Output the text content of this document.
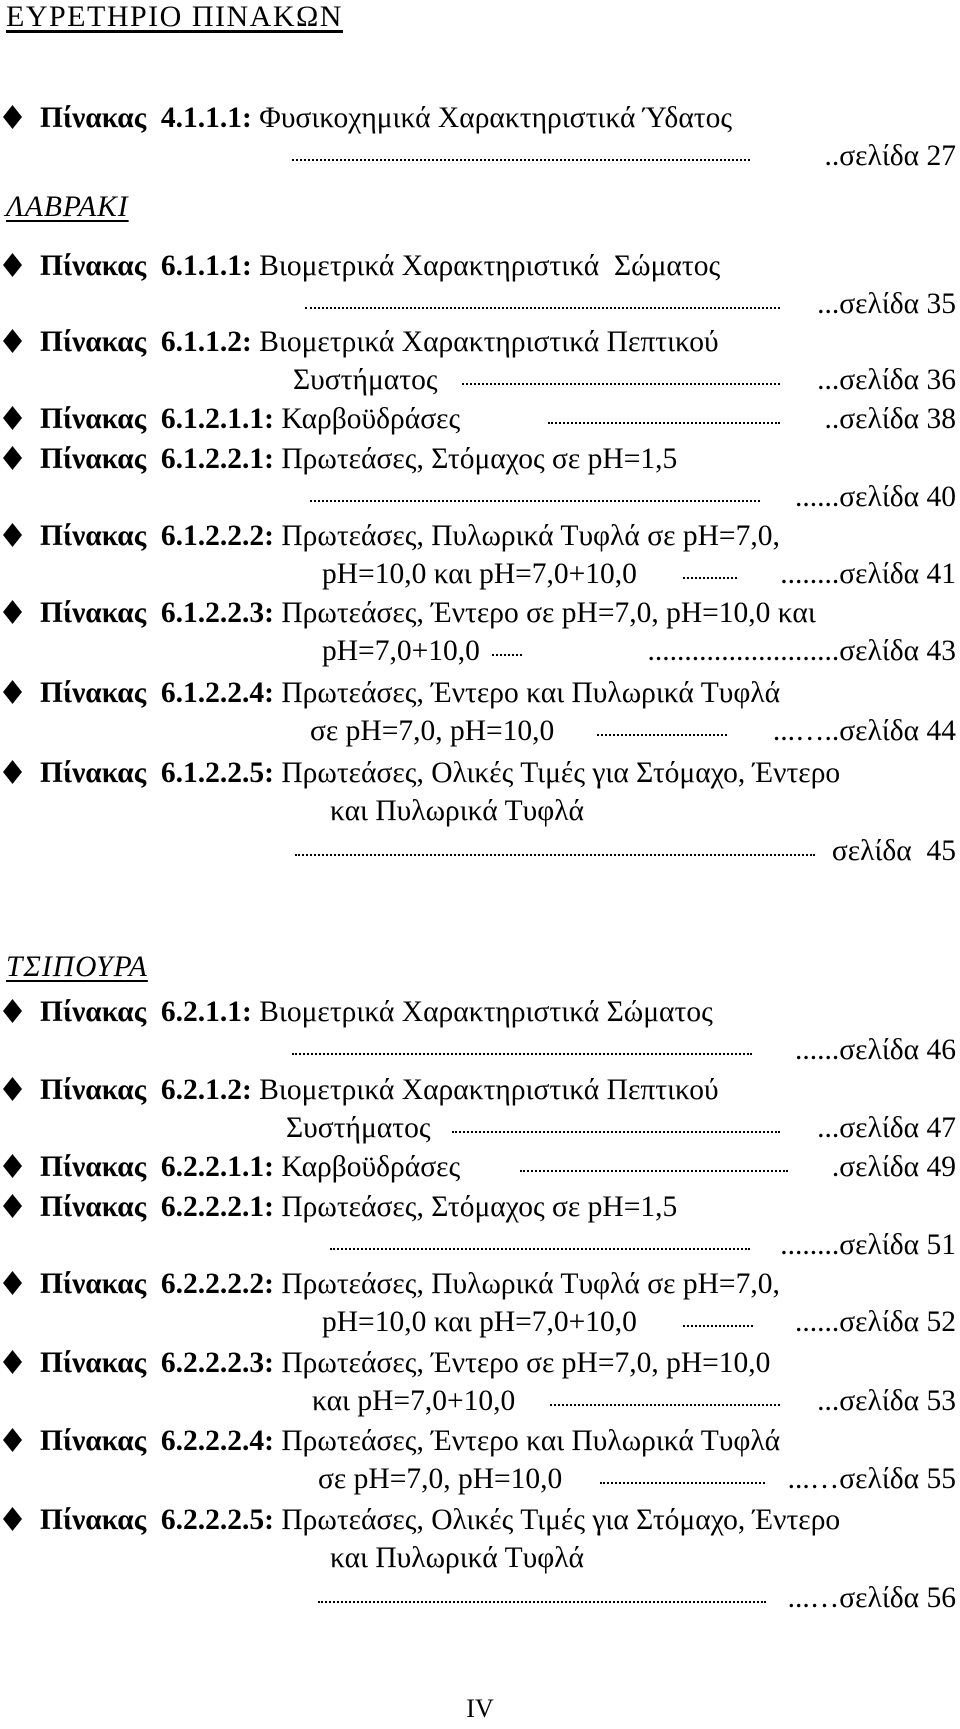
ΕΥΡΕΤΗΡΙΟ ΠΙΝΑΚΩΝ
Πίνακας  4.1.1.1: Φυσικοχημικά Χαρακτηριστικά Ύδατος
..σελίδα 27
ΛΑΒΡΑΚΙ
Πίνακας  6.1.1.1: Βιομετρικά Χαρακτηριστικά  Σώματος
...σελίδα 35
Πίνακας  6.1.1.2: Βιομετρικά Χαρακτηριστικά Πεπτικού
Συστήματος	...σελίδα 36
Πίνακας  6.1.2.1.1: Καρβοϋδράσες	..σελίδα 38
Πίνακας  6.1.2.2.1: Πρωτεάσες, Στόμαχος σε pH=1,5
......σελίδα 40
Πίνακας  6.1.2.2.2: Πρωτεάσες, Πυλωρικά Τυφλά σε pH=7,0,
pH=10,0 και pH=7,0+10,0	........σελίδα 41
Πίνακας  6.1.2.2.3: Πρωτεάσες, Έντερο σε pH=7,0, pH=10,0 και
pH=7,0+10,0	..........................σελίδα 43
Πίνακας  6.1.2.2.4: Πρωτεάσες, Έντερο και Πυλωρικά Τυφλά
σε pH=7,0, pH=10,0	...…..σελίδα 44
Πίνακας  6.1.2.2.5: Πρωτεάσες, Ολικές Τιμές για Στόμαχο, Έντερο
και Πυλωρικά Τυφλά
σελίδα  45
ΤΣΙΠΟΥΡΑ
Πίνακας  6.2.1.1: Βιομετρικά Χαρακτηριστικά Σώματος
......σελίδα 46
Πίνακας  6.2.1.2: Βιομετρικά Χαρακτηριστικά Πεπτικού
Συστήματος	...σελίδα 47
Πίνακας  6.2.2.1.1: Καρβοϋδράσες	.σελίδα 49
Πίνακας  6.2.2.2.1: Πρωτεάσες, Στόμαχος σε pH=1,5
........σελίδα 51
Πίνακας  6.2.2.2.2: Πρωτεάσες, Πυλωρικά Τυφλά σε pH=7,0,
pH=10,0 και pH=7,0+10,0	......σελίδα 52
Πίνακας  6.2.2.2.3: Πρωτεάσες, Έντερο σε pH=7,0, pH=10,0
και pH=7,0+10,0	...σελίδα 53
Πίνακας  6.2.2.2.4: Πρωτεάσες, Έντερο και Πυλωρικά Τυφλά
σε pH=7,0, pH=10,0	...…σελίδα 55
Πίνακας  6.2.2.2.5: Πρωτεάσες, Ολικές Τιμές για Στόμαχο, Έντερο
και Πυλωρικά Τυφλά
...…σελίδα 56
IV
